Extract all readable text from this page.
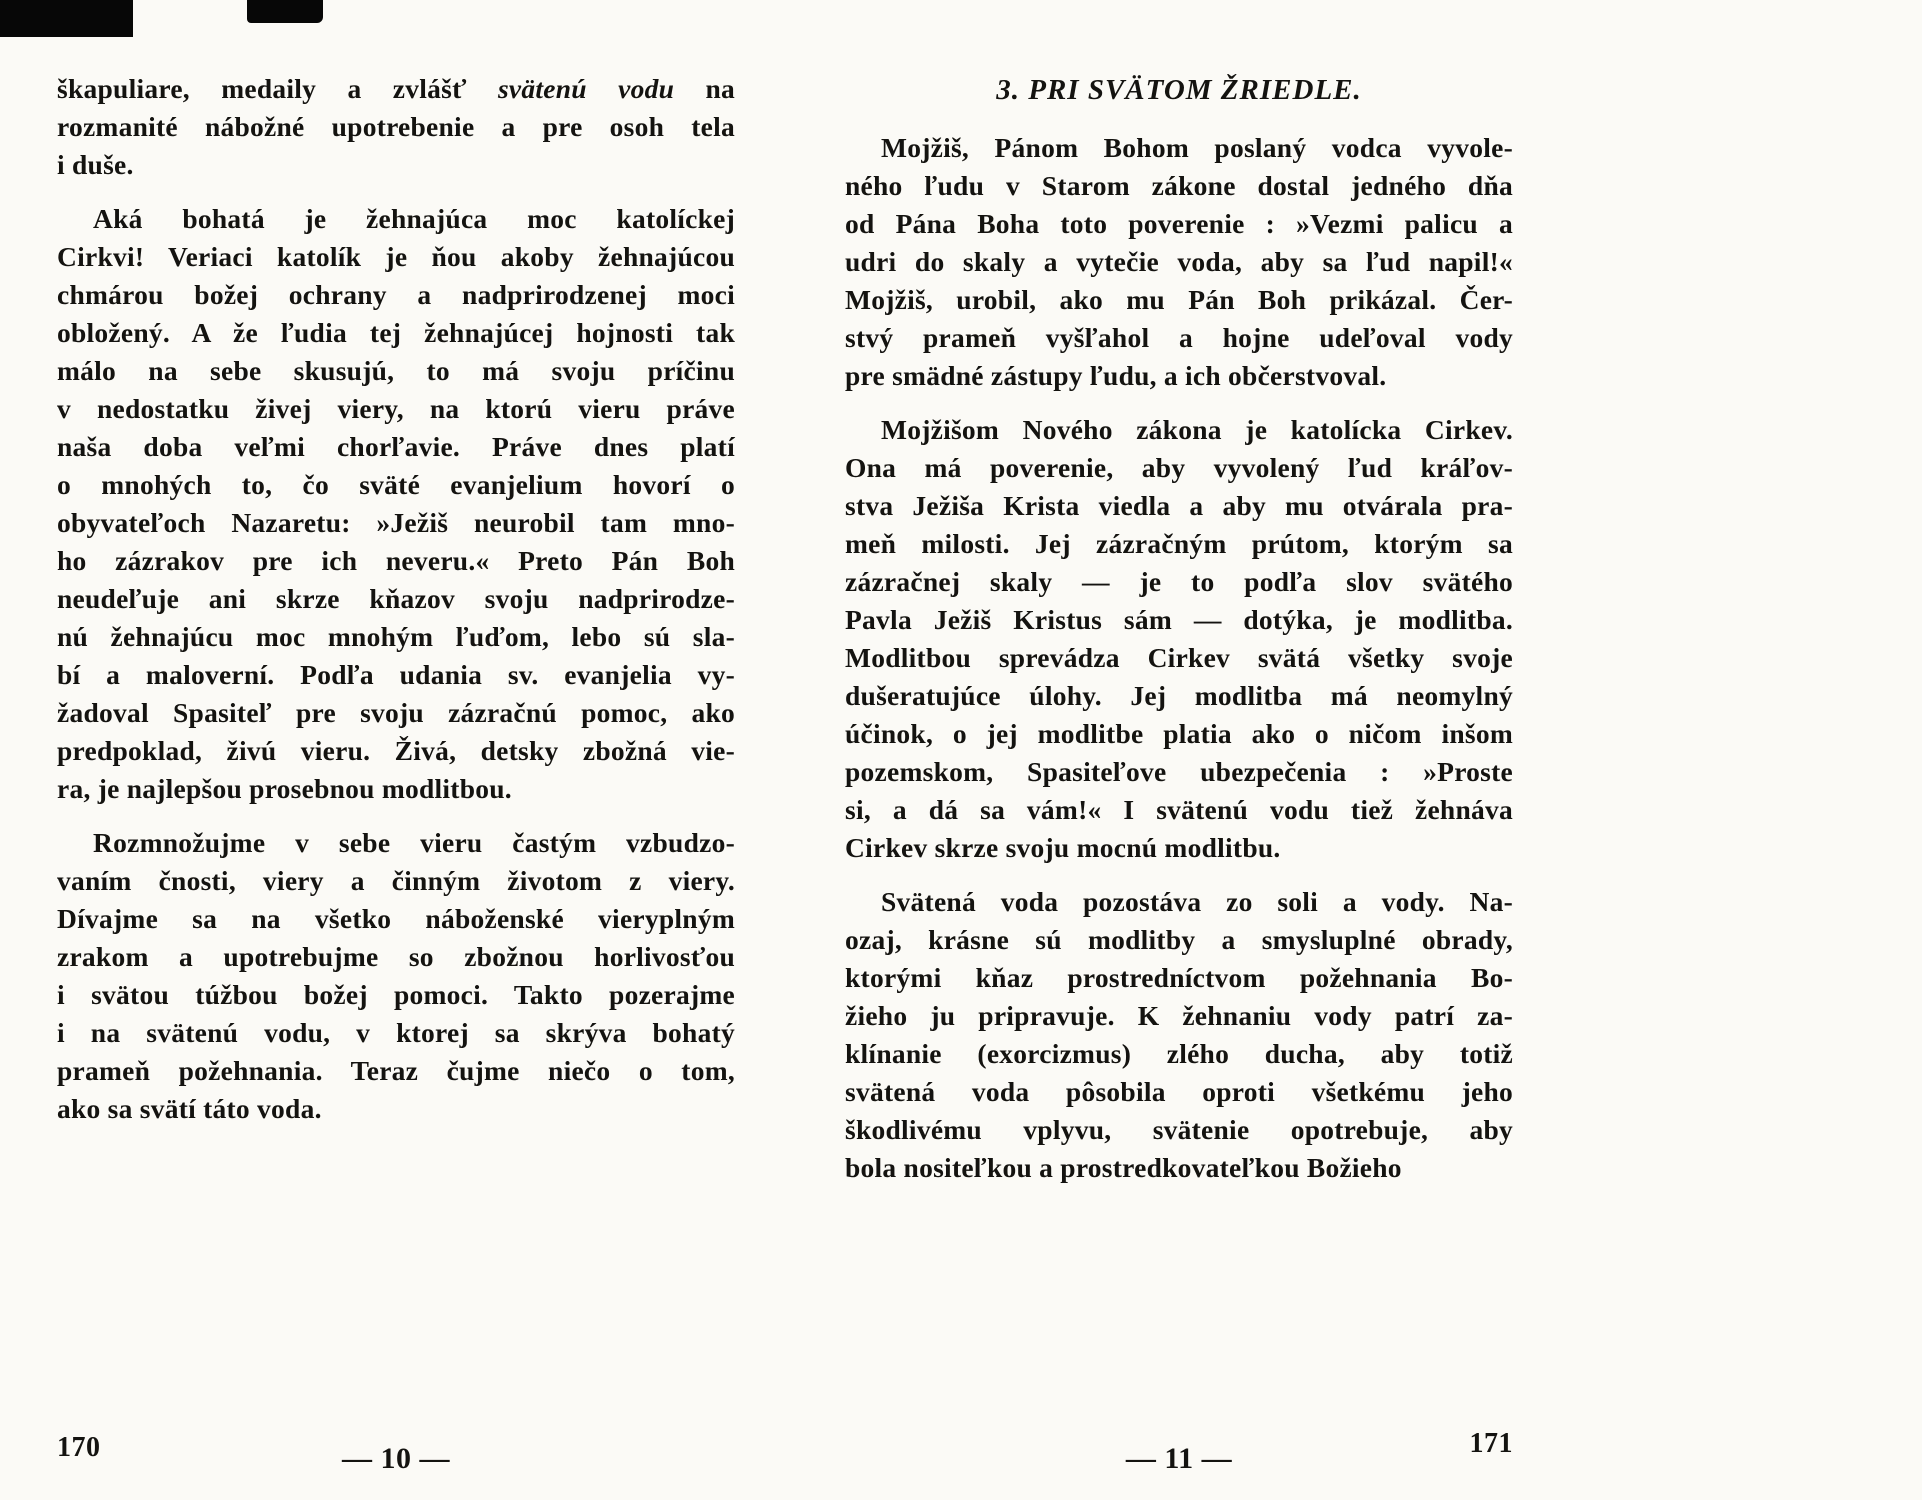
škapuliare, medaily a zvlášť svätenú vodu na
rozmanité nábožné upotrebenie a pre osoh tela
i duše.
Aká bohatá je žehnajúca moc katolíckej
Cirkvi! Veriaci katolík je ňou akoby žehnajúcou
chmárou božej ochrany a nadprirodzenej moci
obložený. A že ľudia tej žehnajúcej hojnosti tak
málo na sebe skusujú, to má svoju príčinu
v nedostatku živej viery, na ktorú vieru práve
naša doba veľmi chorľavie. Práve dnes platí
o mnohých to, čo sväté evanjelium hovorí o
obyvateľoch Nazaretu: »Ježiš neurobil tam mno-
ho zázrakov pre ich neveru.« Preto Pán Boh
neudeľuje ani skrze kňazov svoju nadprirodze-
nú žehnajúcu moc mnohým ľuďom, lebo sú sla-
bí a maloverní. Podľa udania sv. evanjelia vy-
žadoval Spasiteľ pre svoju zázračnú pomoc, ako
predpoklad, živú vieru. Živá, detsky zbožná vie-
ra, je najlepšou prosebnou modlitbou.
Rozmnožujme v sebe vieru častým vzbudzo-
vaním čnosti, viery a činným životom z viery.
Dívajme sa na všetko náboženské vieryplným
zrakom a upotrebujme so zbožnou horlivosťou
i svätou túžbou božej pomoci. Takto pozerajme
i na svätenú vodu, v ktorej sa skrýva bohatý
prameň požehnania. Teraz čujme niečo o tom,
ako sa svätí táto voda.
3. PRI SVÄTOM ŽRIEDLE.
Mojžiš, Pánom Bohom poslaný vodca vyvole-
ného ľudu v Starom zákone dostal jedného dňa
od Pána Boha toto poverenie : »Vezmi palicu a
udri do skaly a vytečie voda, aby sa ľud napil!«
Mojžiš, urobil, ako mu Pán Boh prikázal. Čer-
stvý prameň vyšľahol a hojne udeľoval vody
pre smädné zástupy ľudu, a ich občerstvoval.
Mojžišom Nového zákona je katolícka Cirkev.
Ona má poverenie, aby vyvolený ľud kráľov-
stva Ježiša Krista viedla a aby mu otvárala pra-
meň milosti. Jej zázračným prútom, ktorým sa
zázračnej skaly — je to podľa slov svätého
Pavla Ježiš Kristus sám — dotýka, je modlitba.
Modlitbou sprevádza Cirkev svätá všetky svoje
dušeratujúce úlohy. Jej modlitba má neomylný
účinok, o jej modlitbe platia ako o ničom inšom
pozemskom, Spasiteľove ubezpečenia : »Proste
si, a dá sa vám!« I svätenú vodu tiež žehnáva
Cirkev skrze svoju mocnú modlitbu.
Svätená voda pozostáva zo soli a vody. Na-
ozaj, krásne sú modlitby a smysluplné obrady,
ktorými kňaz prostredníctvom požehnania Bo-
žieho ju pripravuje. K žehnaniu vody patrí za-
klínanie (exorcizmus) zlého ducha, aby totiž
svätená voda pôsobila oproti všetkému jeho
škodlivému vplyvu, svätenie opotrebuje, aby
bola nositeľkou a prostredkovateľkou Božieho
170	— 10 —	— 11 —	171
